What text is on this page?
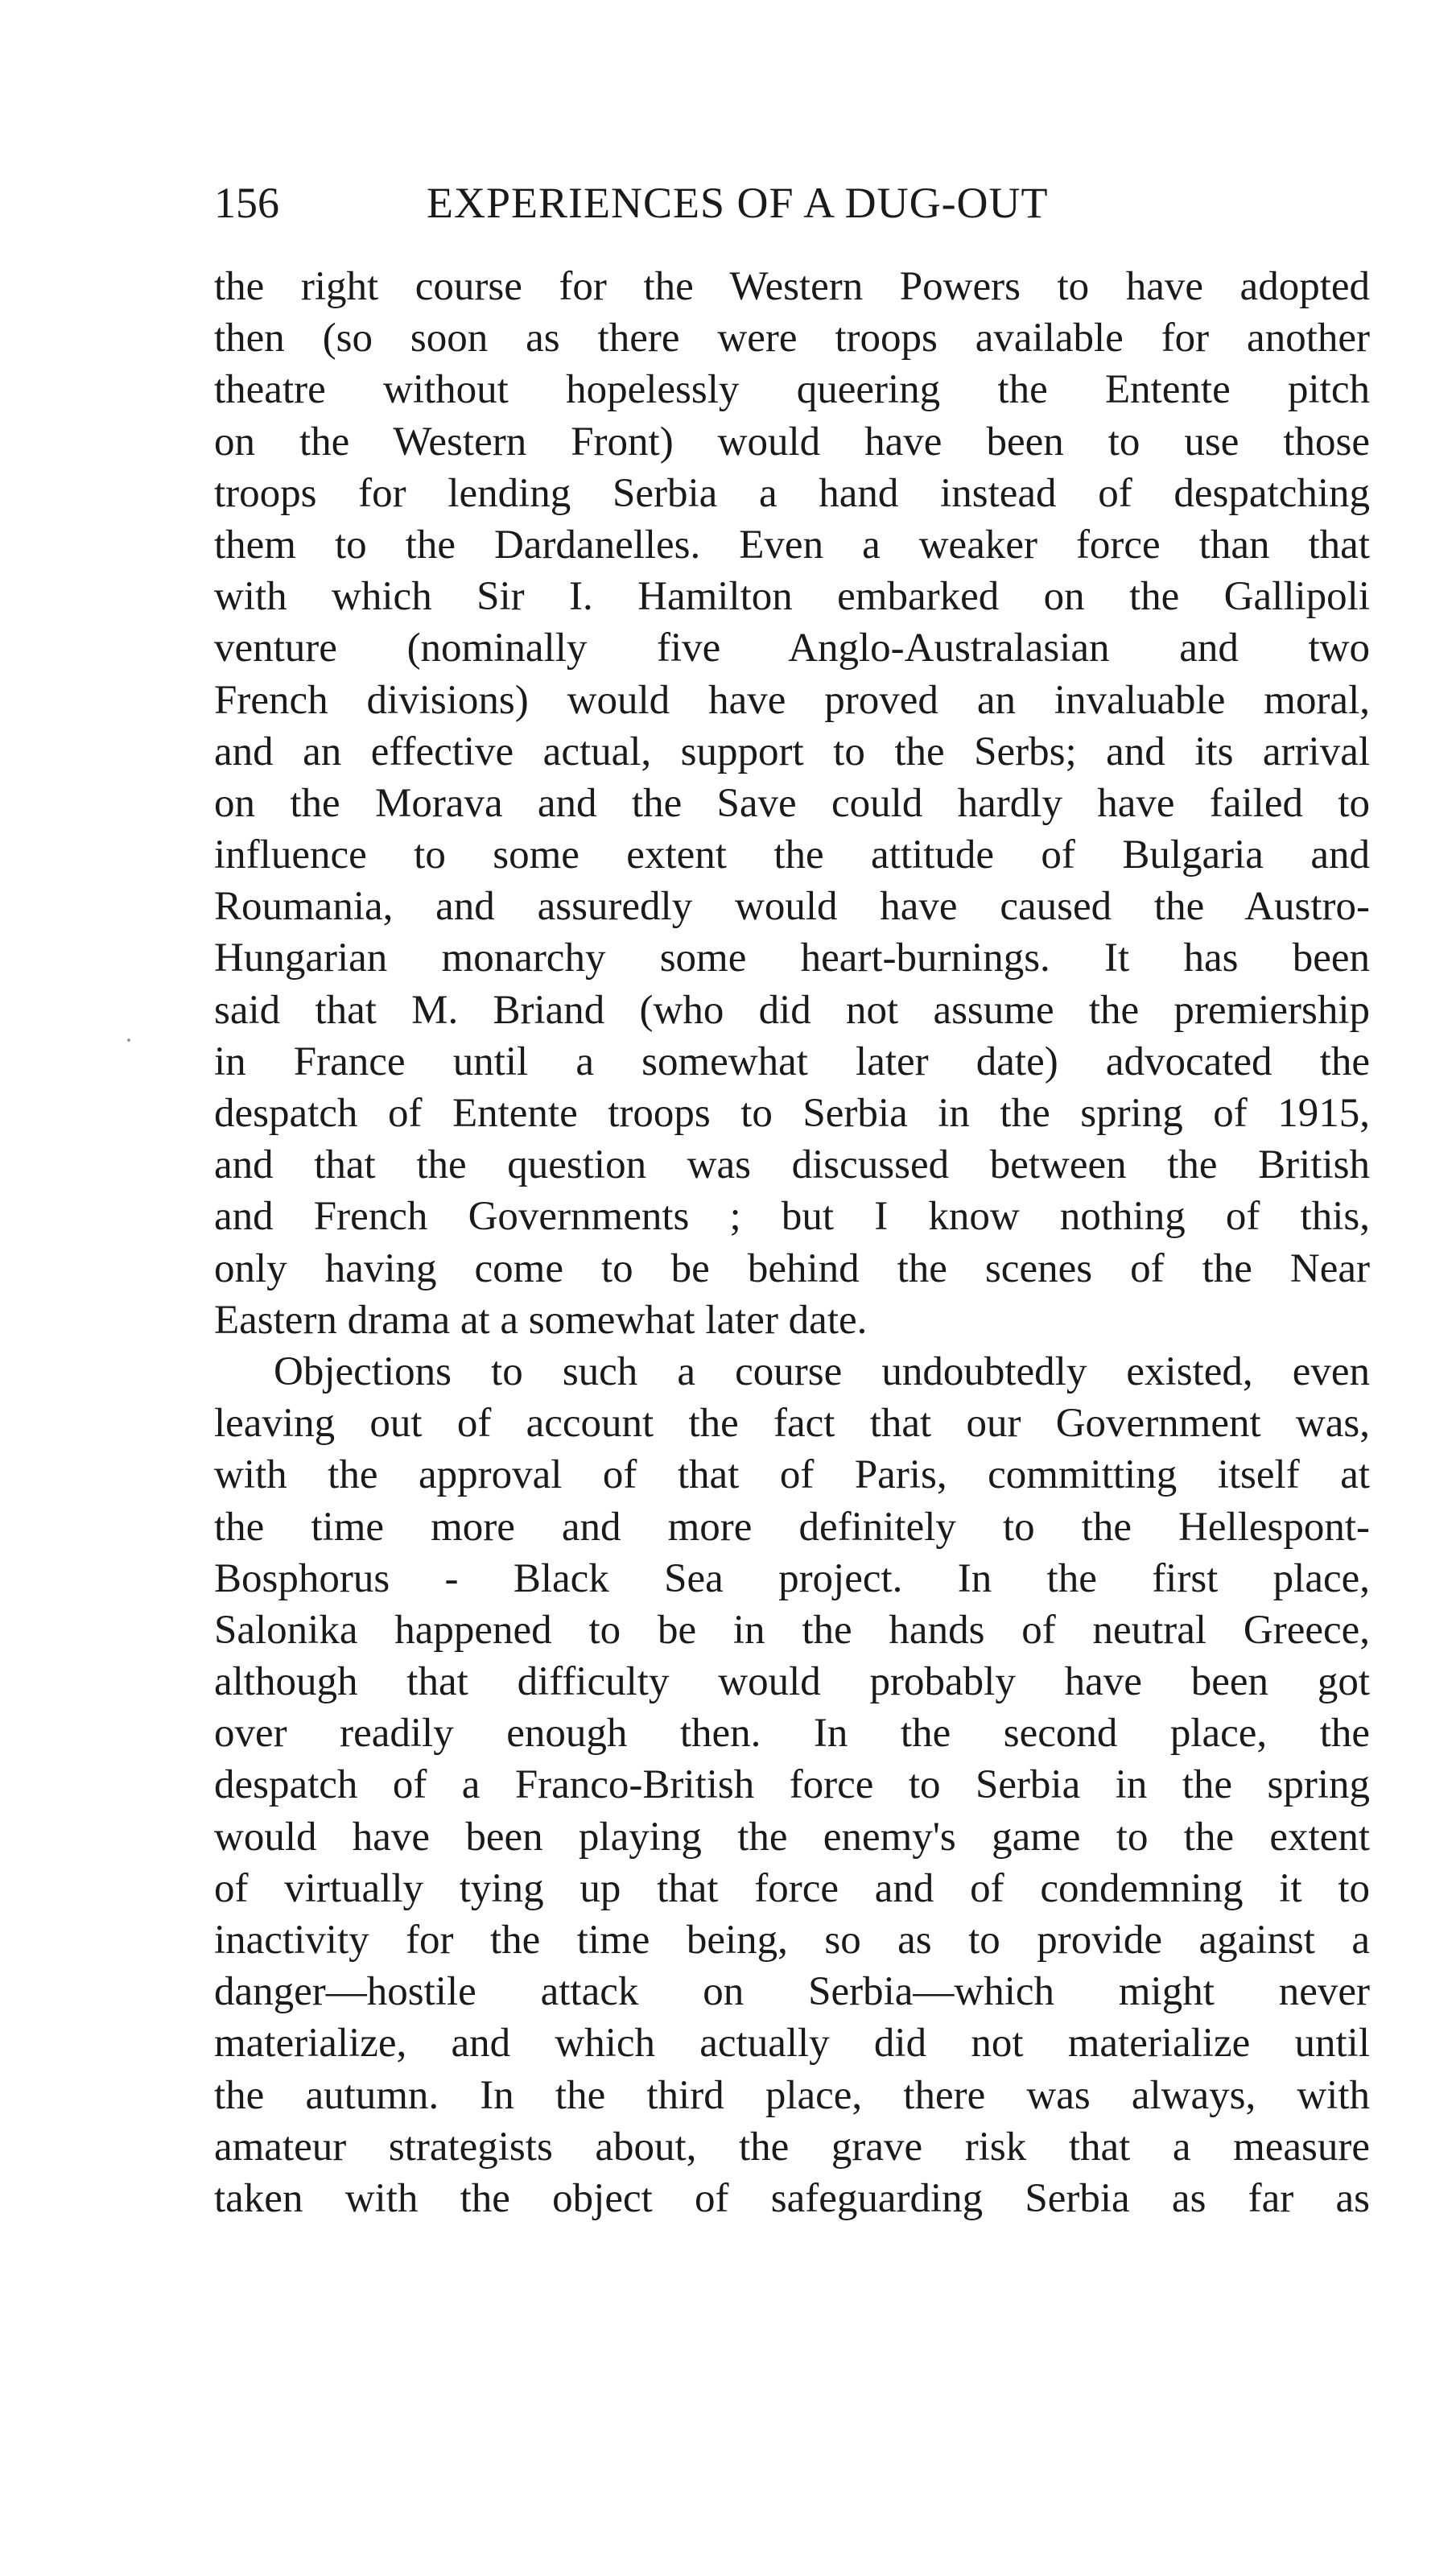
156	EXPERIENCES OF A DUG-OUT
the right course for the Western Powers to have adopted
then (so soon as there were troops available for another
theatre without hopelessly queering the Entente pitch
on the Western Front) would have been to use those
troops for lending Serbia a hand instead of despatching
them to the Dardanelles. Even a weaker force than that
with which Sir I. Hamilton embarked on the Gallipoli
venture (nominally five Anglo-Australasian and two
French divisions) would have proved an invaluable moral,
and an effective actual, support to the Serbs; and its arrival
on the Morava and the Save could hardly have failed to
influence to some extent the attitude of Bulgaria and
Roumania, and assuredly would have caused the Austro-
Hungarian monarchy some heart-burnings. It has been
said that M. Briand (who did not assume the premiership
in France until a somewhat later date) advocated the
despatch of Entente troops to Serbia in the spring of 1915,
and that the question was discussed between the British
and French Governments ; but I know nothing of this,
only having come to be behind the scenes of the Near
Eastern drama at a somewhat later date.
Objections to such a course undoubtedly existed, even
leaving out of account the fact that our Government was,
with the approval of that of Paris, committing itself at
the time more and more definitely to the Hellespont-
Bosphorus - Black Sea project. In the first place,
Salonika happened to be in the hands of neutral Greece,
although that difficulty would probably have been got
over readily enough then. In the second place, the
despatch of a Franco-British force to Serbia in the spring
would have been playing the enemy's game to the extent
of virtually tying up that force and of condemning it to
inactivity for the time being, so as to provide against a
danger—hostile attack on Serbia—which might never
materialize, and which actually did not materialize until
the autumn. In the third place, there was always, with
amateur strategists about, the grave risk that a measure
taken with the object of safeguarding Serbia as far as
